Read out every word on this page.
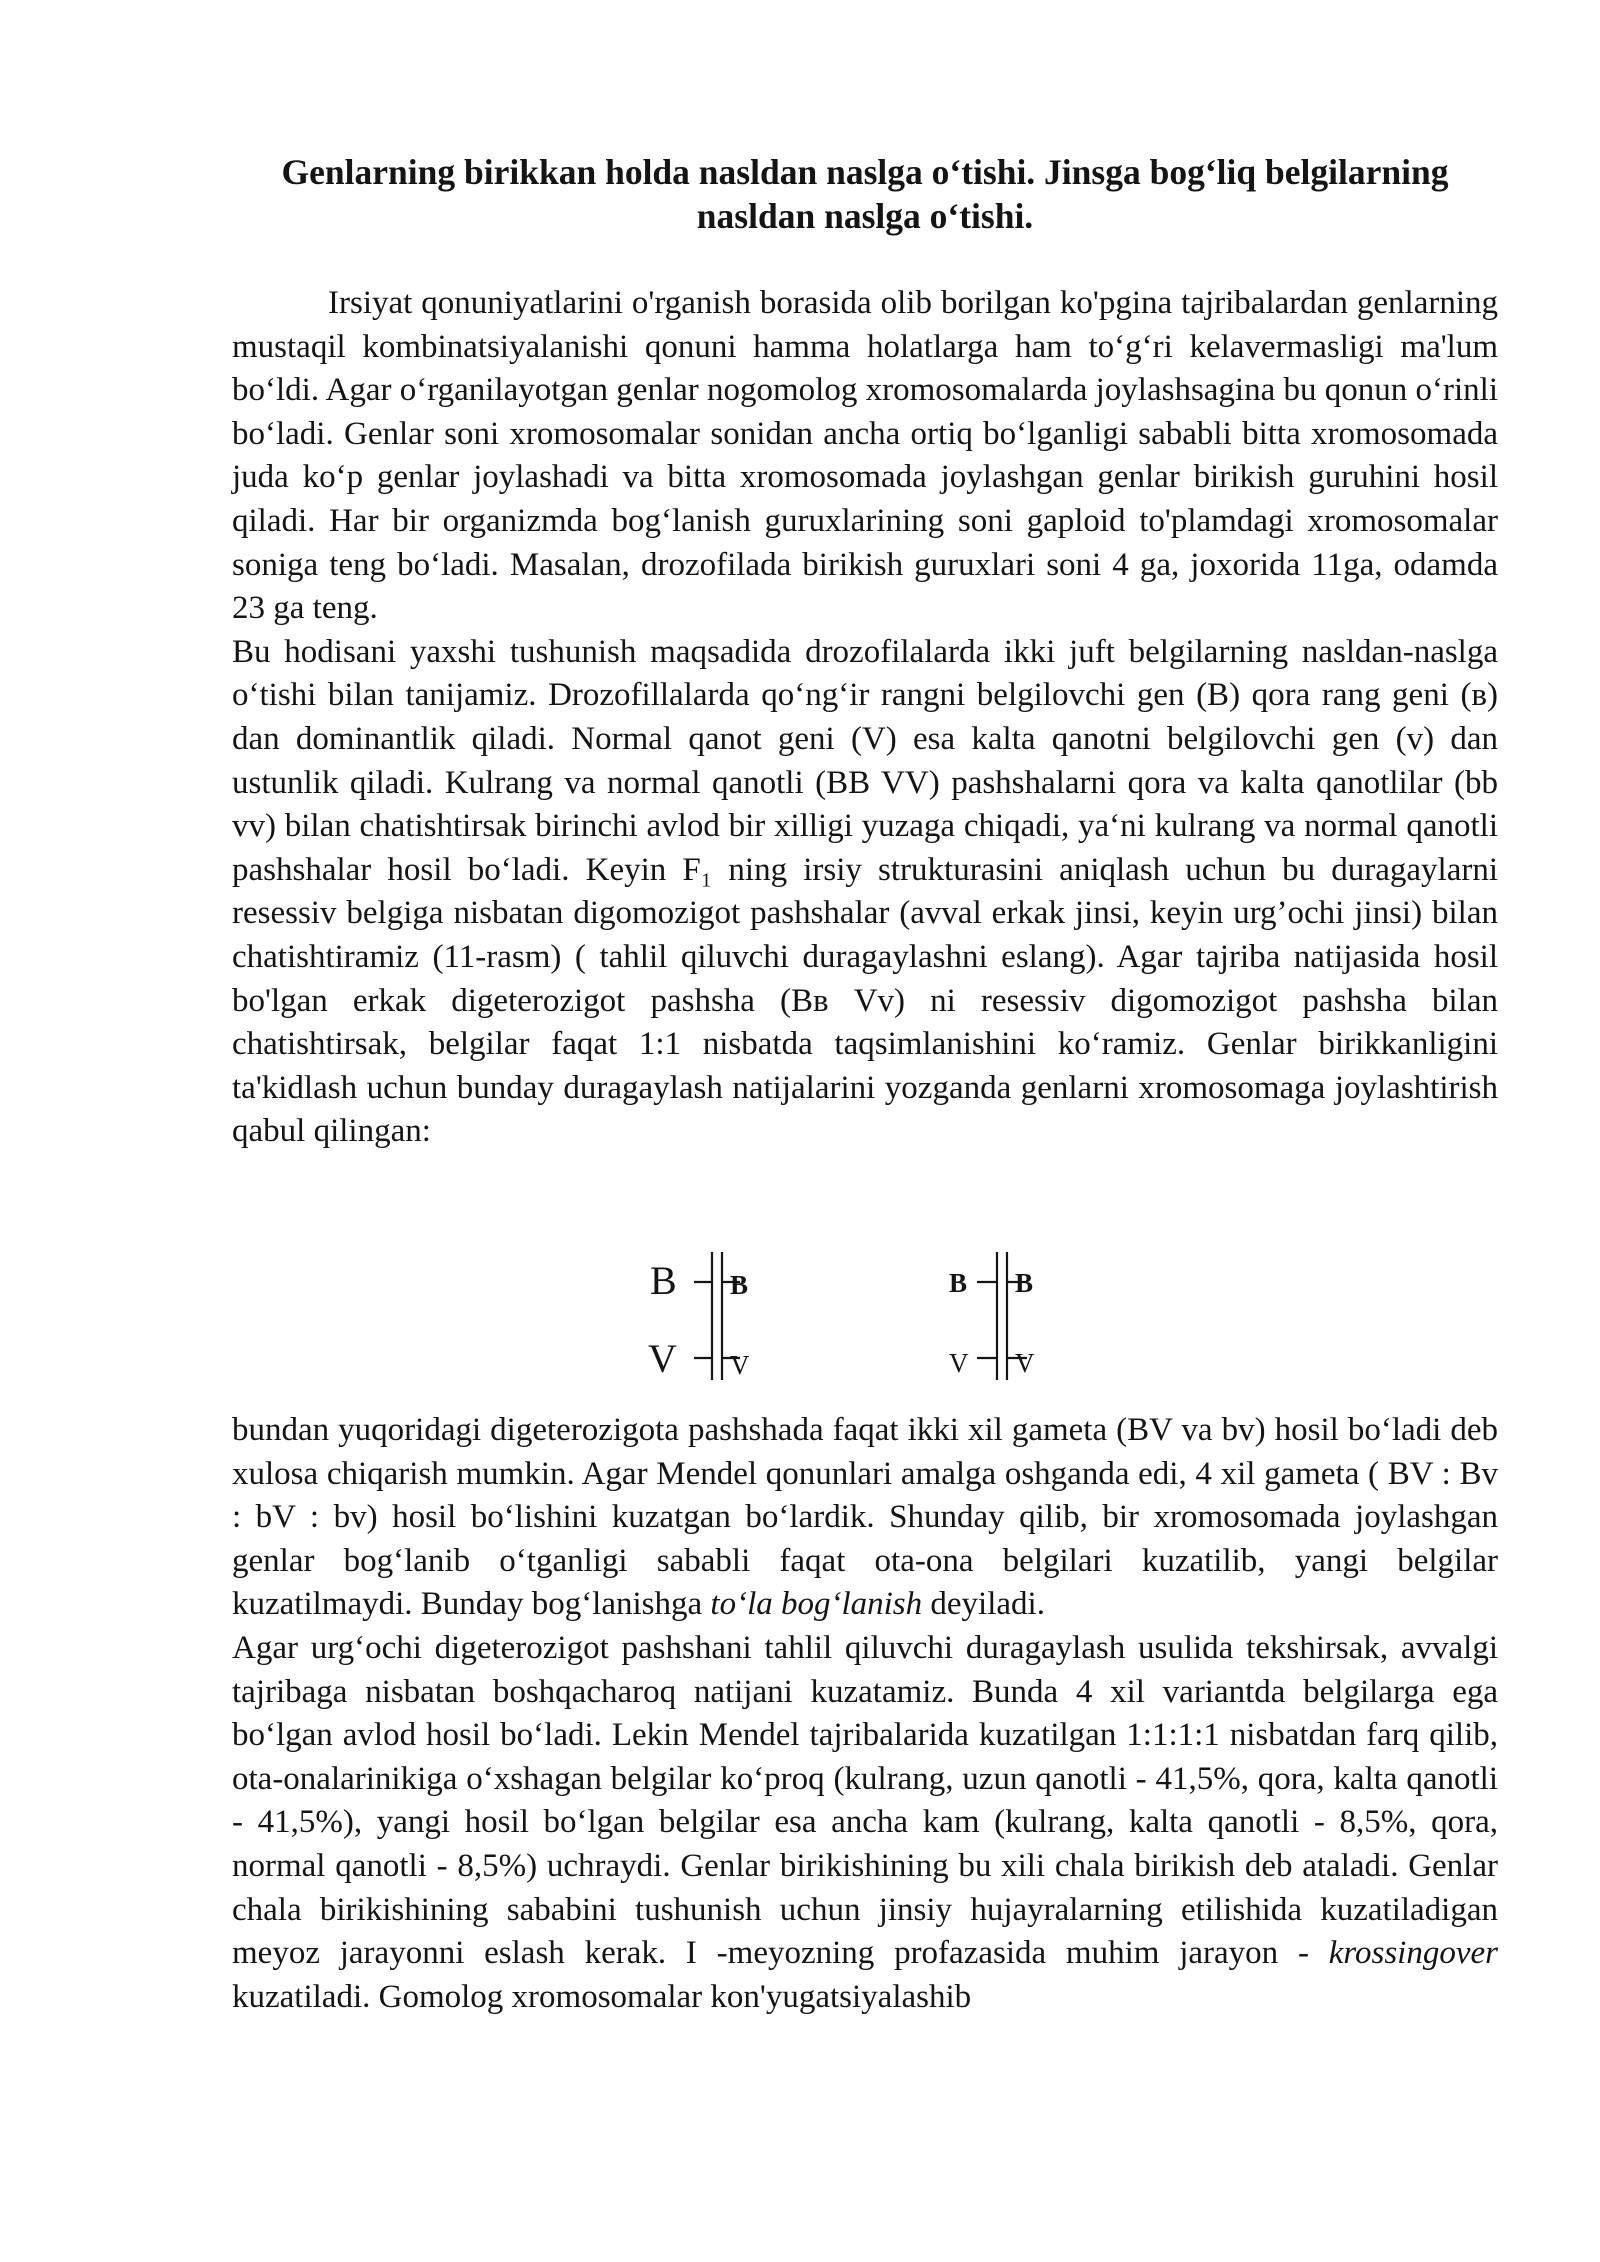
Genlarning birikkan holda nasldan naslga o‘tishi. Jinsga bog‘liq belgilarning
nasldan naslga o‘tishi.

Irsiyat qonuniyatlarini o'rganish borasida olib borilgan ko'pgina tajribalardan genlarning mustaqil kombinatsiyalanishi qonuni hamma holatlarga ham to‘g‘ri kelavermasligi ma'lum bo‘ldi. Agar o‘rganilayotgan genlar nogomolog xromosomalarda joylashsagina bu qonun o‘rinli bo‘ladi. Genlar soni xromosomalar sonidan ancha ortiq bo‘lganligi sababli bitta xromosomada juda ko‘p genlar joylashadi va bitta xromosomada joylashgan genlar birikish guruhini hosil qiladi. Har bir organizmda bog‘lanish guruxlarining soni gaploid to'plamdagi xromosomalar soniga teng bo‘ladi. Masalan, drozofilada birikish guruxlari soni 4 ga, joxorida 11ga, odamda 23 ga teng.

Bu hodisani yaxshi tushunish maqsadida drozofilalarda ikki juft belgilarning nasldan-naslga o‘tishi bilan tanijamiz. Drozofillalarda qo‘ng‘ir rangni belgilovchi gen (B) qora rang geni (в) dan dominantlik qiladi. Normal qanot geni (V) esa kalta qanotni belgilovchi gen (v) dan ustunlik qiladi. Kulrang va normal qanotli (BB VV) pashshalarni qora va kalta qanotlilar (bb vv) bilan chatishtirsak birinchi avlod bir xilligi yuzaga chiqadi, ya‘ni kulrang va normal qanotli pashshalar hosil bo‘ladi. Keyin F₁ ning irsiy strukturasini aniqlash uchun bu duragaylarni resessiv belgiga nisbatan digomozigot pashshalar (avval erkak jinsi, keyin urg’ochi jinsi) bilan chatishtiramiz (11-rasm) ( tahlil qiluvchi duragaylashni eslang). Agar tajriba natijasida hosil bo'lgan erkak digeterozigot pashsha (Bв Vv) ni resessiv digomozigot pashsha bilan chatishtirsak, belgilar faqat 1:1 nisbatda taqsimlanishini ko‘ramiz. Genlar birikkanligini ta'kidlash uchun bunday duragaylash natijalarini yozganda genlarni xromosomaga joylashtirish qabul qilingan:

B B
V V
B B
V V

bundan yuqoridagi digeterozigota pashshada faqat ikki xil gameta (BV va bv) hosil bo‘ladi deb xulosa chiqarish mumkin. Agar Mendel qonunlari amalga oshganda edi, 4 xil gameta ( BV : Bv : bV : bv) hosil bo‘lishini kuzatgan bo‘lardik. Shunday qilib, bir xromosomada joylashgan genlar bog‘lanib o‘tganligi sababli faqat ota-ona belgilari kuzatilib, yangi belgilar kuzatilmaydi. Bunday bog‘lanishga to‘la bog‘lanish deyiladi.

Agar urg‘ochi digeterozigot pashshani tahlil qiluvchi duragaylash usulida tekshirsak, avvalgi tajribaga nisbatan boshqacharoq natijani kuzatamiz. Bunda 4 xil variantda belgilarga ega bo‘lgan avlod hosil bo‘ladi. Lekin Mendel tajribalarida kuzatilgan 1:1:1:1 nisbatdan farq qilib, ota-onalarinikiga o‘xshagan belgilar ko‘proq (kulrang, uzun qanotli - 41,5%, qora, kalta qanotli - 41,5%), yangi hosil bo‘lgan belgilar esa ancha kam (kulrang, kalta qanotli - 8,5%, qora, normal qanotli - 8,5%) uchraydi. Genlar birikishining bu xili chala birikish deb ataladi. Genlar chala birikishining sababini tushunish uchun jinsiy hujayralarning etilishida kuzatiladigan meyoz jarayonni eslash kerak. I -meyozning profazasida muhim jarayon - krossingover kuzatiladi. Gomolog xromosomalar kon'yugatsiyalashib
